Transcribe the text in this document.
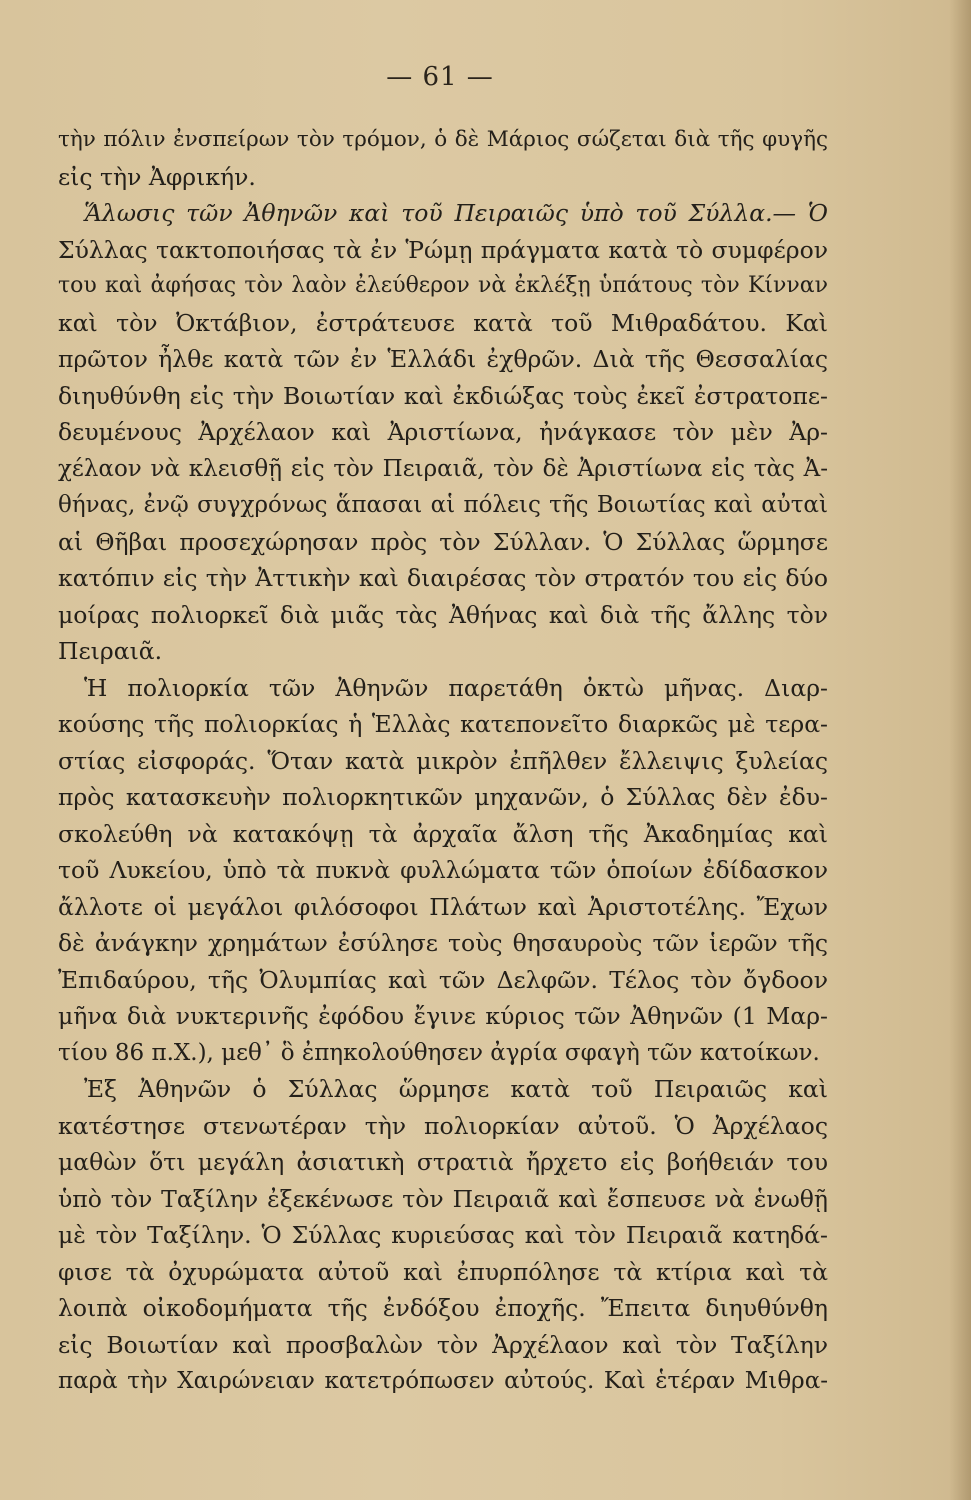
— 61 —
τὴν πόλιν ἐνσπείρων τὸν τρόμον, ὁ δὲ Μάριος σώζεται διὰ τῆς φυγῆς
εἰς τὴν Ἀφρικήν.
Ἅλωσις τῶν Ἀθηνῶν καὶ τοῦ Πειραιῶς ὑπὸ τοῦ Σύλλα.— Ὁ
Σύλλας τακτοποιήσας τὰ ἐν Ῥώμῃ πράγματα κατὰ τὸ συμφέρον
του καὶ ἀφήσας τὸν λαὸν ἐλεύθερον νὰ ἐκλέξῃ ὑπάτους τὸν Κίνναν
καὶ τὸν Ὀκτάβιον, ἐστράτευσε κατὰ τοῦ Μιθραδάτου. Καὶ
πρῶτον ἦλθε κατὰ τῶν ἐν Ἑλλάδι ἐχθρῶν. Διὰ τῆς Θεσσαλίας
διηυθύνθη εἰς τὴν Βοιωτίαν καὶ ἐκδιώξας τοὺς ἐκεῖ ἐστρατοπε-
δευμένους Ἀρχέλαον καὶ Ἀριστίωνα, ἠνάγκασε τὸν μὲν Ἀρ-
χέλαον νὰ κλεισθῇ εἰς τὸν Πειραιᾶ, τὸν δὲ Ἀριστίωνα εἰς τὰς Ἀ-
θήνας, ἐνῷ συγχρόνως ἅπασαι αἱ πόλεις τῆς Βοιωτίας καὶ αὐταὶ
αἱ Θῆβαι προσεχώρησαν πρὸς τὸν Σύλλαν. Ὁ Σύλλας ὥρμησε
κατόπιν εἰς τὴν Ἀττικὴν καὶ διαιρέσας τὸν στρατόν του εἰς δύο
μοίρας πολιορκεῖ διὰ μιᾶς τὰς Ἀθήνας καὶ διὰ τῆς ἄλλης τὸν
Πειραιᾶ.
Ἡ πολιορκία τῶν Ἀθηνῶν παρετάθη ὀκτὼ μῆνας. Διαρ-
κούσης τῆς πολιορκίας ἡ Ἑλλὰς κατεπονεῖτο διαρκῶς μὲ τερα-
στίας εἰσφοράς. Ὅταν κατὰ μικρὸν ἐπῆλθεν ἔλλειψις ξυλείας
πρὸς κατασκευὴν πολιορκητικῶν μηχανῶν, ὁ Σύλλας δὲν ἐδυ-
σκολεύθη νὰ κατακόψῃ τὰ ἀρχαῖα ἄλση τῆς Ἀκαδημίας καὶ
τοῦ Λυκείου, ὑπὸ τὰ πυκνὰ φυλλώματα τῶν ὁποίων ἐδίδασκον
ἄλλοτε οἱ μεγάλοι φιλόσοφοι Πλάτων καὶ Ἀριστοτέλης. Ἔχων
δὲ ἀνάγκην χρημάτων ἐσύλησε τοὺς θησαυροὺς τῶν ἱερῶν τῆς
Ἐπιδαύρου, τῆς Ὀλυμπίας καὶ τῶν Δελφῶν. Τέλος τὸν ὄγδοον
μῆνα διὰ νυκτερινῆς ἐφόδου ἔγινε κύριος τῶν Ἀθηνῶν (1 Μαρ-
τίου 86 π.Χ.), μεθ᾽ ὃ ἐπηκολούθησεν ἀγρία σφαγὴ τῶν κατοίκων.
Ἐξ Ἀθηνῶν ὁ Σύλλας ὥρμησε κατὰ τοῦ Πειραιῶς καὶ
κατέστησε στενωτέραν τὴν πολιορκίαν αὐτοῦ. Ὁ Ἀρχέλαος
μαθὼν ὅτι μεγάλη ἀσιατικὴ στρατιὰ ἤρχετο εἰς βοήθειάν του
ὑπὸ τὸν Ταξίλην ἐξεκένωσε τὸν Πειραιᾶ καὶ ἔσπευσε νὰ ἑνωθῇ
μὲ τὸν Ταξίλην. Ὁ Σύλλας κυριεύσας καὶ τὸν Πειραιᾶ κατηδά-
φισε τὰ ὀχυρώματα αὐτοῦ καὶ ἐπυρπόλησε τὰ κτίρια καὶ τὰ
λοιπὰ οἰκοδομήματα τῆς ἐνδόξου ἐποχῆς. Ἔπειτα διηυθύνθη
εἰς Βοιωτίαν καὶ προσβαλὼν τὸν Ἀρχέλαον καὶ τὸν Ταξίλην
παρὰ τὴν Χαιρώνειαν κατετρόπωσεν αὐτούς. Καὶ ἑτέραν Μιθρα-
